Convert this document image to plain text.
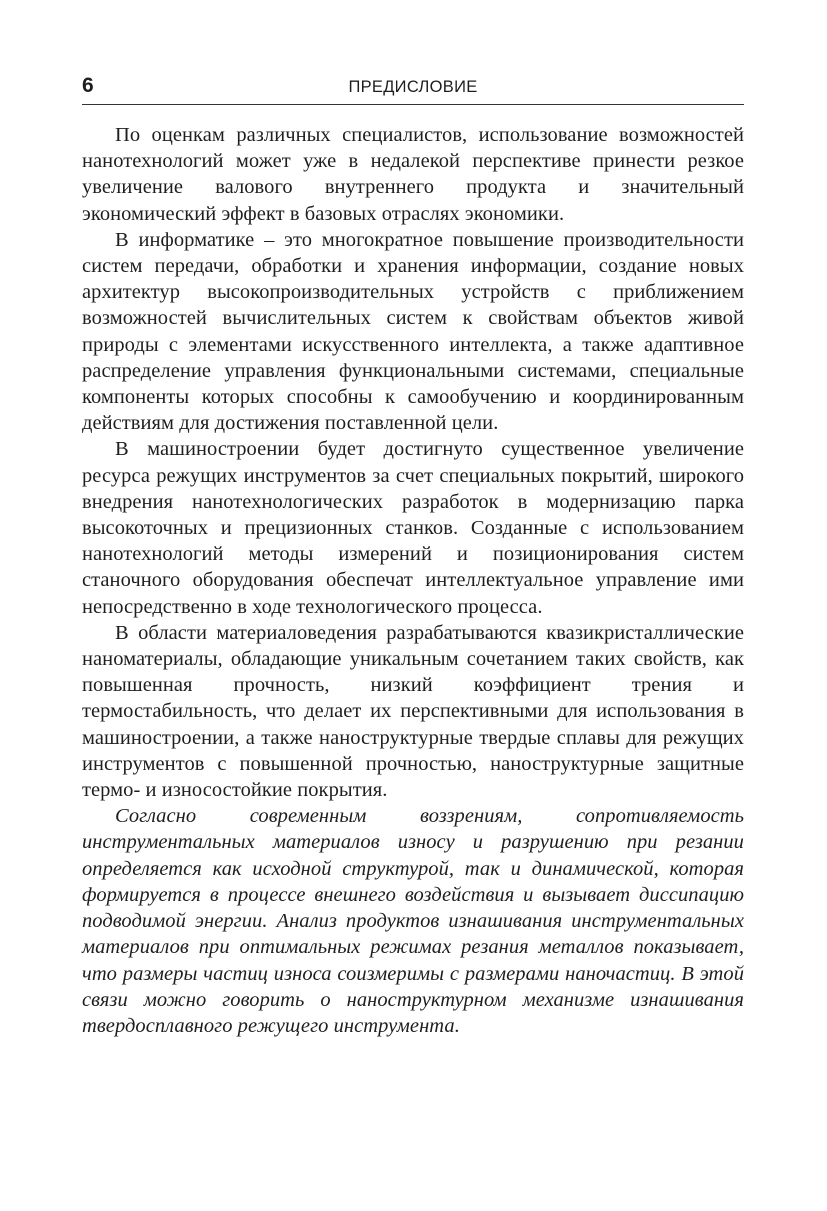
6	ПРЕДИСЛОВИЕ

По оценкам различных специалистов, использование возможностей нанотехнологий может уже в недалекой перспективе принести резкое увеличение валового внутреннего продукта и значительный экономический эффект в базовых отраслях экономики.

В информатике – это многократное повышение производительности систем передачи, обработки и хранения информации, создание новых архитектур высокопроизводительных устройств с приближением возможностей вычислительных систем к свойствам объектов живой природы с элементами искусственного интеллекта, а также адаптивное распределение управления функциональными системами, специальные компоненты которых способны к самообучению и координированным действиям для достижения поставленной цели.

В машиностроении будет достигнуто существенное увеличение ресурса режущих инструментов за счет специальных покрытий, широкого внедрения нанотехнологических разработок в модернизацию парка высокоточных и прецизионных станков. Созданные с использованием нанотехнологий методы измерений и позиционирования систем станочного оборудования обеспечат интеллектуальное управление ими непосредственно в ходе технологического процесса.

В области материаловедения разрабатываются квазикристаллические наноматериалы, обладающие уникальным сочетанием таких свойств, как повышенная прочность, низкий коэффициент трения и термостабильность, что делает их перспективными для использования в машиностроении, а также наноструктурные твердые сплавы для режущих инструментов с повышенной прочностью, наноструктурные защитные термо- и износостойкие покрытия.

Согласно современным воззрениям, сопротивляемость инструментальных материалов износу и разрушению при резании определяется как исходной структурой, так и динамической, которая формируется в процессе внешнего воздействия и вызывает диссипацию подводимой энергии. Анализ продуктов изнашивания инструментальных материалов при оптимальных режимах резания металлов показывает, что размеры частиц износа соизмеримы с размерами наночастиц. В этой связи можно говорить о наноструктурном механизме изнашивания твердосплавного режущего инструмента.
